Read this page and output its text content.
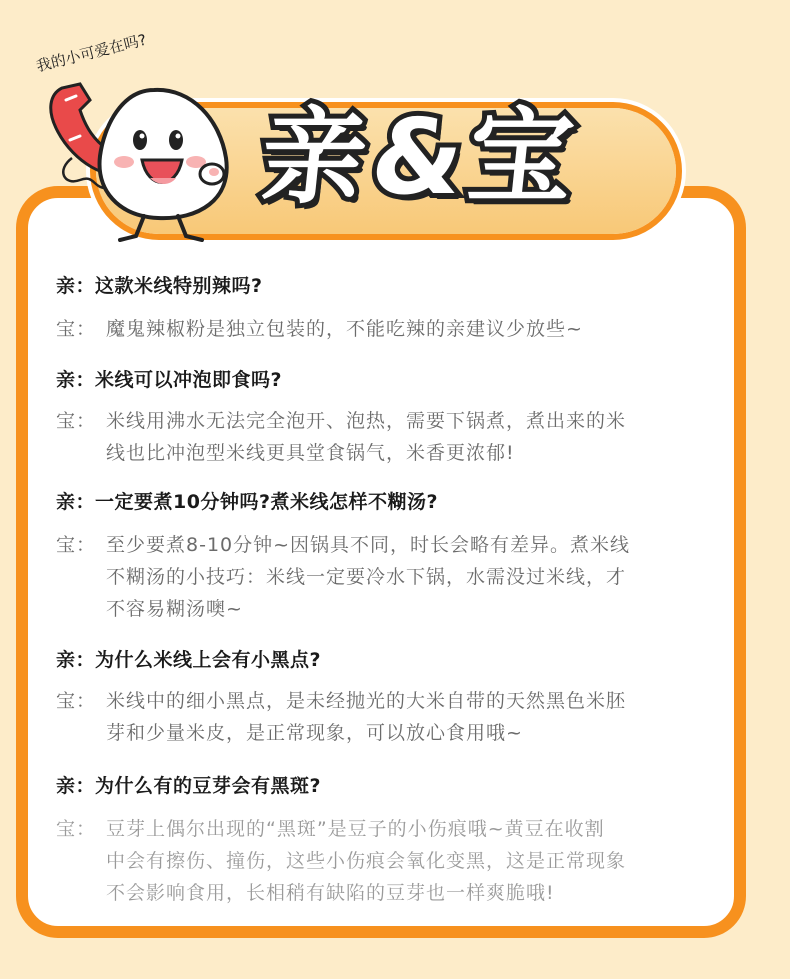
我的小可爱在吗?
亲&宝
亲：这款米线特别辣吗?
宝： 魔鬼辣椒粉是独立包装的，不能吃辣的亲建议少放些~
亲：米线可以冲泡即食吗?
宝： 米线用沸水无法完全泡开、泡热，需要下锅煮，煮出来的米
线也比冲泡型米线更具堂食锅气，米香更浓郁!
亲：一定要煮10分钟吗?煮米线怎样不糊汤?
宝： 至少要煮8-10分钟~因锅具不同，时长会略有差异。煮米线
不糊汤的小技巧：米线一定要冷水下锅，水需没过米线，才
不容易糊汤噢~
亲：为什么米线上会有小黑点?
宝： 米线中的细小黑点，是未经抛光的大米自带的天然黑色米胚
芽和少量米皮，是正常现象，可以放心食用哦~
亲：为什么有的豆芽会有黑斑?
宝： 豆芽上偶尔出现的“黑斑”是豆子的小伤痕哦~黄豆在收割
中会有擦伤、撞伤，这些小伤痕会氧化变黑，这是正常现象
不会影响食用，长相稍有缺陷的豆芽也一样爽脆哦!
